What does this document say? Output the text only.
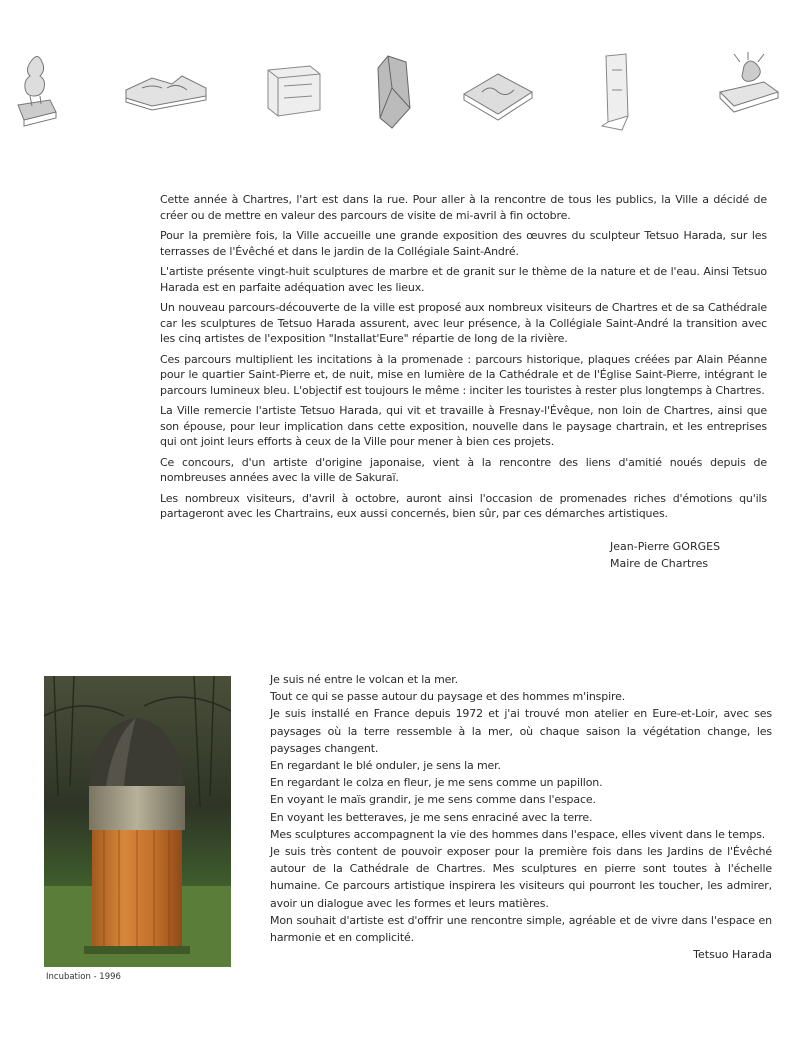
Cette année à Chartres, l'art est dans la rue. Pour aller à la rencontre de tous les publics, la Ville a décidé de créer ou de mettre en valeur des parcours de visite de mi-avril à fin octobre.

Pour la première fois, la Ville accueille une grande exposition des œuvres du sculpteur Tetsuo Harada, sur les terrasses de l'Évêché et dans le jardin de la Collégiale Saint-André.

L'artiste présente vingt-huit sculptures de marbre et de granit sur le thème de la nature et de l'eau. Ainsi Tetsuo Harada est en parfaite adéquation avec les lieux.

Un nouveau parcours-découverte de la ville est proposé aux nombreux visiteurs de Chartres et de sa Cathédrale car les sculptures de Tetsuo Harada assurent, avec leur présence, à la Collégiale Saint-André la transition avec les cinq artistes de l'exposition "Installat'Eure" répartie de long de la rivière.

Ces parcours multiplient les incitations à la promenade : parcours historique, plaques créées par Alain Péanne pour le quartier Saint-Pierre et, de nuit, mise en lumière de la Cathédrale et de l'Église Saint-Pierre, intégrant le parcours lumineux bleu. L'objectif est toujours le même : inciter les touristes à rester plus longtemps à Chartres.

La Ville remercie l'artiste Tetsuo Harada, qui vit et travaille à Fresnay-l'Évêque, non loin de Chartres, ainsi que son épouse, pour leur implication dans cette exposition, nouvelle dans le paysage chartrain, et les entreprises qui ont joint leurs efforts à ceux de la Ville pour mener à bien ces projets.

Ce concours, d'un artiste d'origine japonaise, vient à la rencontre des liens d'amitié noués depuis de nombreuses années avec la ville de Sakuraï.

Les nombreux visiteurs, d'avril à octobre, auront ainsi l'occasion de promenades riches d'émotions qu'ils partageront avec les Chartrains, eux aussi concernés, bien sûr, par ces démarches artistiques.

Jean-Pierre GORGES
Maire de Chartres
Incubation - 1996

Je suis né entre le volcan et la mer.

Tout ce qui se passe autour du paysage et des hommes m'inspire.

Je suis installé en France depuis 1972 et j'ai trouvé mon atelier en Eure-et-Loir, avec ses paysages où la terre ressemble à la mer, où chaque saison la végétation change, les paysages changent.

En regardant le blé onduler, je sens la mer.

En regardant le colza en fleur, je me sens comme un papillon.

En voyant le maïs grandir, je me sens comme dans l'espace.

En voyant les betteraves, je me sens enraciné avec la terre.

Mes sculptures accompagnent la vie des hommes dans l'espace, elles vivent dans le temps.

Je suis très content de pouvoir exposer pour la première fois dans les Jardins de l'Évêché autour de la Cathédrale de Chartres. Mes sculptures en pierre sont toutes à l'échelle humaine. Ce parcours artistique inspirera les visiteurs qui pourront les toucher, les admirer, avoir un dialogue avec les formes et leurs matières.

Mon souhait d'artiste est d'offrir une rencontre simple, agréable et de vivre dans l'espace en harmonie et en complicité.

Tetsuo Harada
